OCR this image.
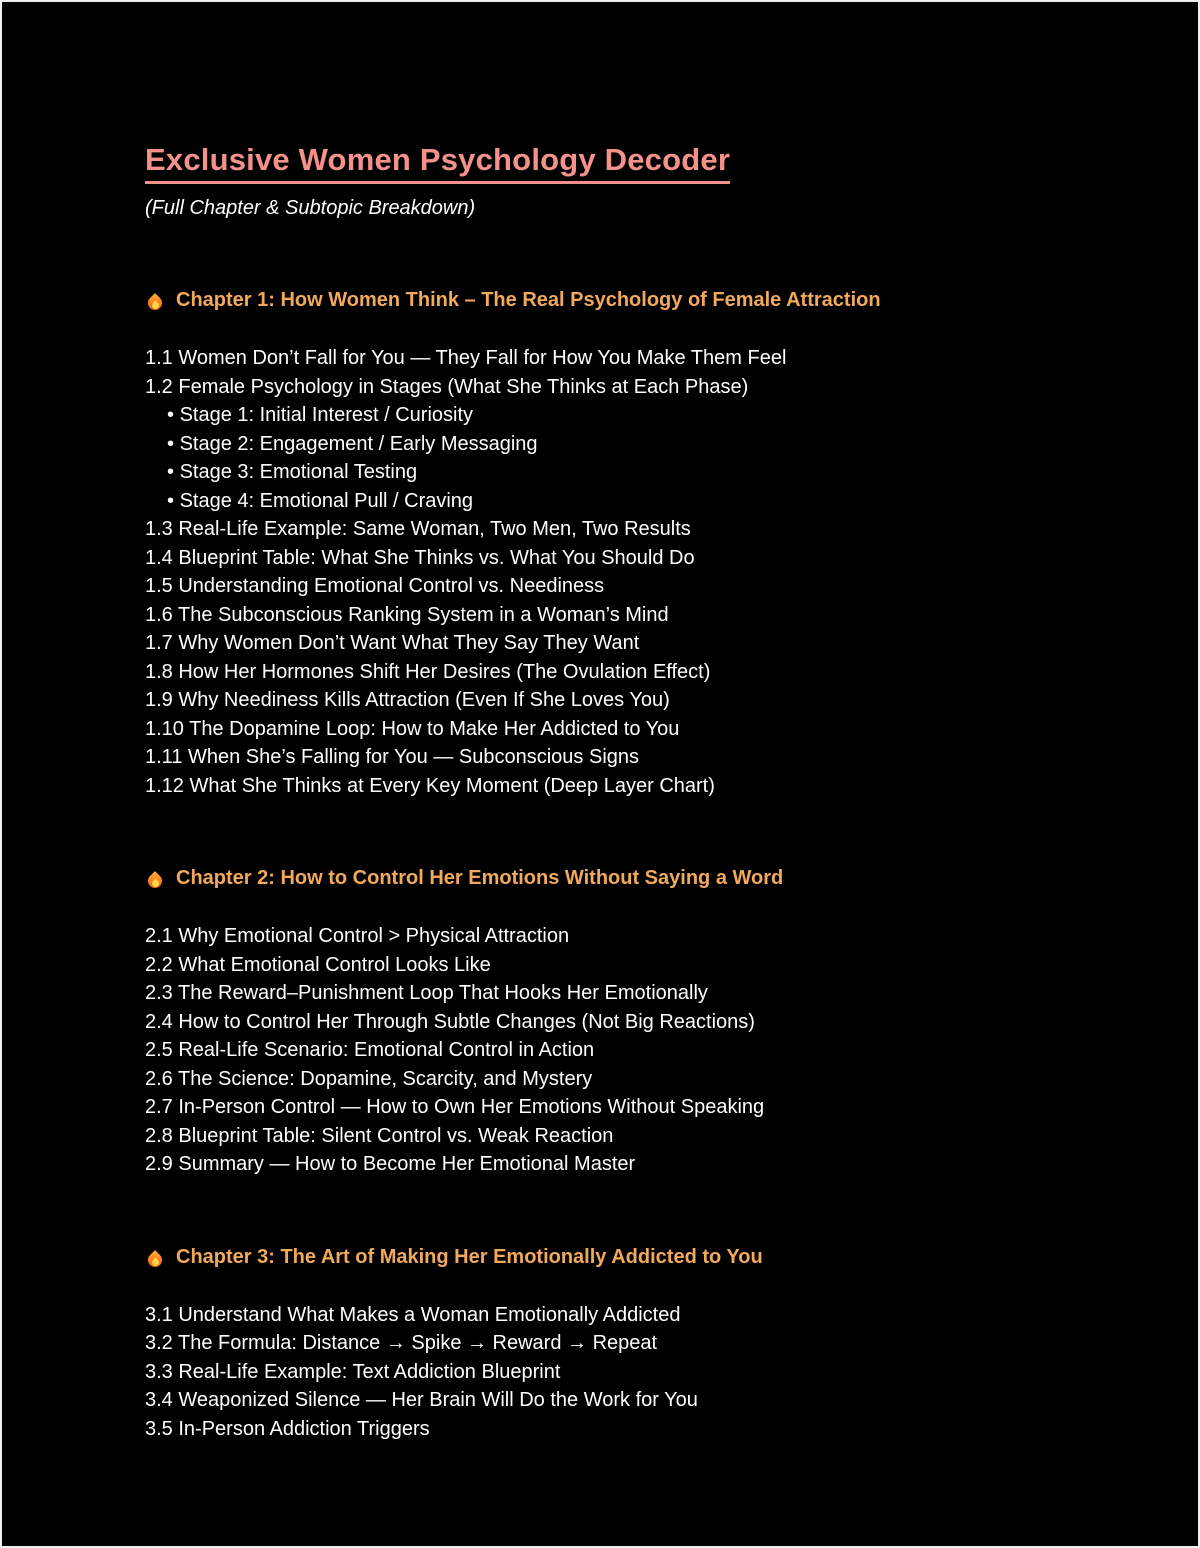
Exclusive Women Psychology Decoder

(Full Chapter & Subtopic Breakdown)

Chapter 1: How Women Think – The Real Psychology of Female Attraction
1.1 Women Don’t Fall for You — They Fall for How You Make Them Feel
1.2 Female Psychology in Stages (What She Thinks at Each Phase)
• Stage 1: Initial Interest / Curiosity
• Stage 2: Engagement / Early Messaging
• Stage 3: Emotional Testing
• Stage 4: Emotional Pull / Craving
1.3 Real-Life Example: Same Woman, Two Men, Two Results
1.4 Blueprint Table: What She Thinks vs. What You Should Do
1.5 Understanding Emotional Control vs. Neediness
1.6 The Subconscious Ranking System in a Woman’s Mind
1.7 Why Women Don’t Want What They Say They Want
1.8 How Her Hormones Shift Her Desires (The Ovulation Effect)
1.9 Why Neediness Kills Attraction (Even If She Loves You)
1.10 The Dopamine Loop: How to Make Her Addicted to You
1.11 When She’s Falling for You — Subconscious Signs
1.12 What She Thinks at Every Key Moment (Deep Layer Chart)
Chapter 2: How to Control Her Emotions Without Saying a Word
2.1 Why Emotional Control > Physical Attraction
2.2 What Emotional Control Looks Like
2.3 The Reward–Punishment Loop That Hooks Her Emotionally
2.4 How to Control Her Through Subtle Changes (Not Big Reactions)
2.5 Real-Life Scenario: Emotional Control in Action
2.6 The Science: Dopamine, Scarcity, and Mystery
2.7 In-Person Control — How to Own Her Emotions Without Speaking
2.8 Blueprint Table: Silent Control vs. Weak Reaction
2.9 Summary — How to Become Her Emotional Master
Chapter 3: The Art of Making Her Emotionally Addicted to You
3.1 Understand What Makes a Woman Emotionally Addicted
3.2 The Formula: Distance → Spike → Reward → Repeat
3.3 Real-Life Example: Text Addiction Blueprint
3.4 Weaponized Silence — Her Brain Will Do the Work for You
3.5 In-Person Addiction Triggers
